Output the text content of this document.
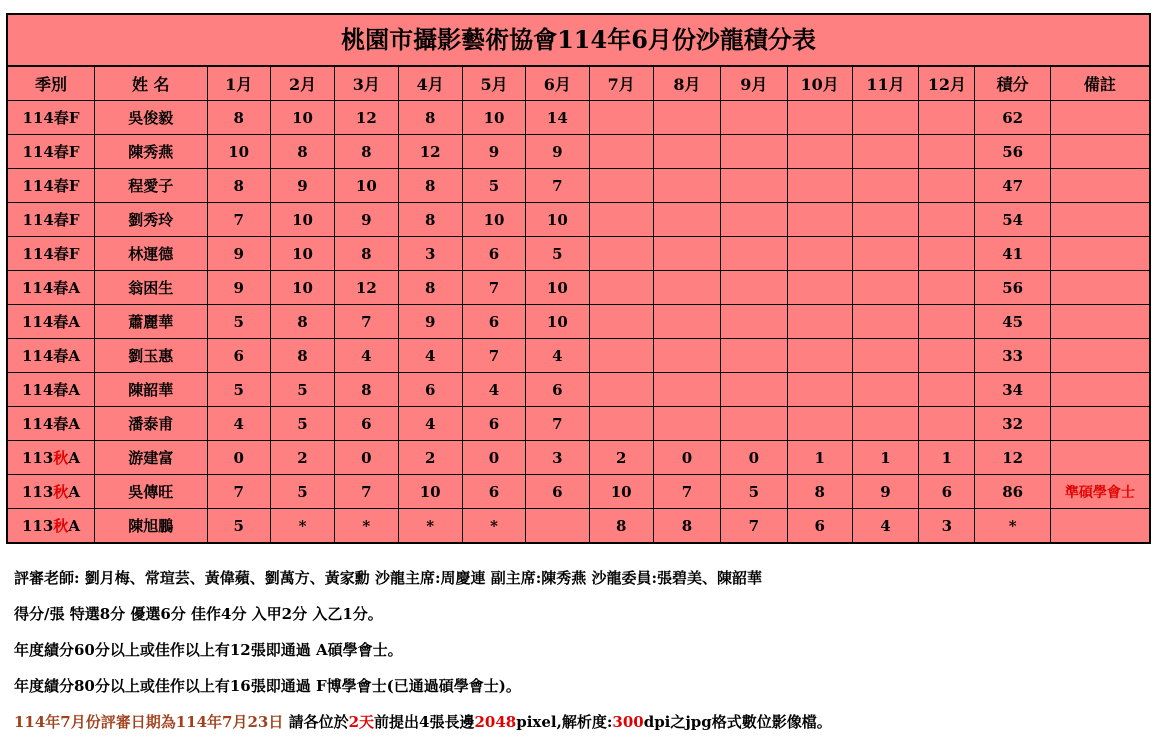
桃園市攝影藝術協會114年6月份沙龍積分表
季別	姓 名	1月	2月	3月	4月	5月	6月	7月	8月	9月	10月	11月	12月	積分	備註
114春F	吳俊毅	8	10	12	8	10	14							62	
114春F	陳秀燕	10	8	8	12	9	9							56	
114春F	程愛子	8	9	10	8	5	7							47	
114春F	劉秀玲	7	10	9	8	10	10							54	
114春F	林運德	9	10	8	3	6	5							41	
114春A	翁困生	9	10	12	8	7	10							56	
114春A	蕭麗華	5	8	7	9	6	10							45	
114春A	劉玉惠	6	8	4	4	7	4							33	
114春A	陳韶華	5	5	8	6	4	6							34	
114春A	潘泰甫	4	5	6	4	6	7							32	
113秋A	游建富	0	2	0	2	0	3	2	0	0	1	1	1	12	
113秋A	吳傳旺	7	5	7	10	6	6	10	7	5	8	9	6	86	準碩學會士
113秋A	陳旭鵬	5	*	*	*	*		8	8	7	6	4	3	*	
評審老師: 劉月梅、常瑄芸、黃偉蘋、劉萬方、黃家勳 沙龍主席:周慶連 副主席:陳秀燕 沙龍委員:張碧美、陳韶華
得分/張 特選8分 優選6分 佳作4分 入甲2分 入乙1分。
年度績分60分以上或佳作以上有12張即通過 A碩學會士。
年度績分80分以上或佳作以上有16張即通過 F博學會士(已通過碩學會士)。
114年7月份評審日期為114年7月23日 請各位於2天前提出4張長邊2048pixel,解析度:300dpi之jpg格式數位影像檔。
